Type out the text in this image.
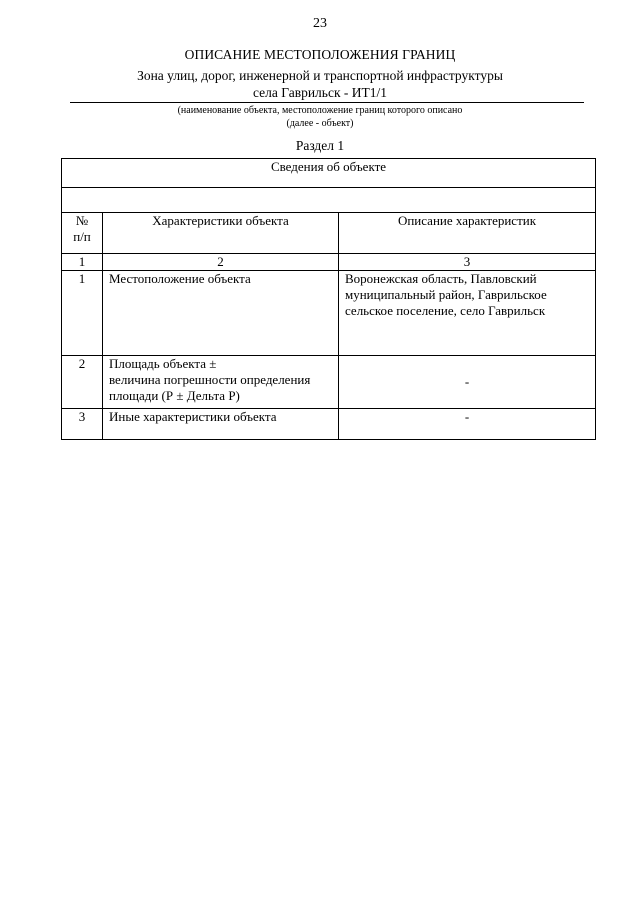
23
ОПИСАНИЕ МЕСТОПОЛОЖЕНИЯ ГРАНИЦ
Зона улиц, дорог, инженерной и транспортной инфраструктуры
села Гаврильск - ИТ1/1
(наименование объекта, местоположение границ которого описано
(далее - объект)
Раздел 1
Сведения об объекте		

№
п/п	Характеристики объекта	Описание характеристик
1	2	3
1	Местоположение объекта	Воронежская область, Павловский
муниципальный район, Гаврильское
сельское поселение, село Гаврильск

2	Площадь объекта ±
величина погрешности определения
площади (Р ± Дельта Р)	-
3	Иные характеристики объекта	-
